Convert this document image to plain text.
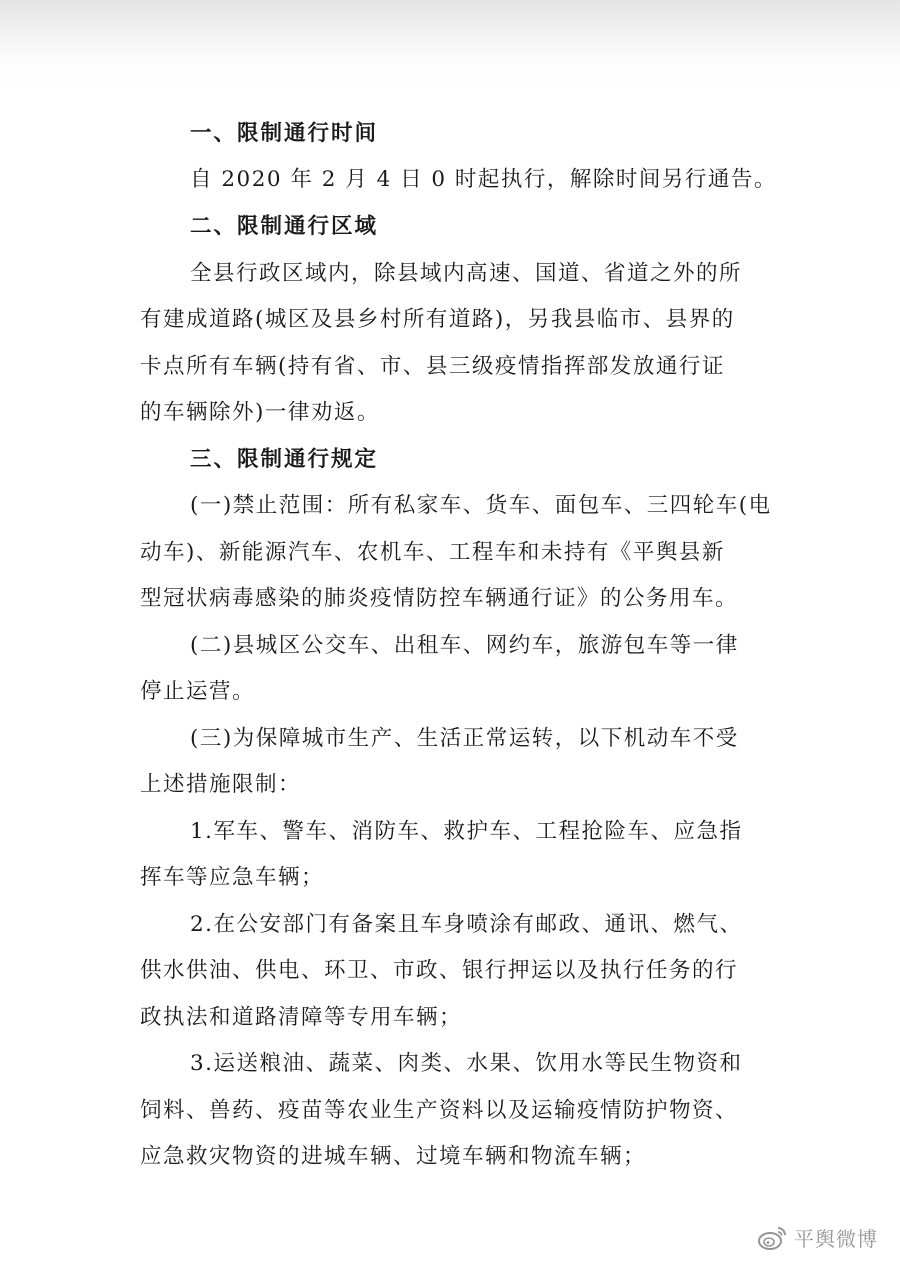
一、限制通行时间
自 2020 年 2 月 4 日 0 时起执行，解除时间另行通告。
二、限制通行区域
全县行政区域内，除县域内高速、国道、省道之外的所
有建成道路(城区及县乡村所有道路)，另我县临市、县界的
卡点所有车辆(持有省、市、县三级疫情指挥部发放通行证
的车辆除外)一律劝返。
三、限制通行规定
(一)禁止范围：所有私家车、货车、面包车、三四轮车(电
动车)、新能源汽车、农机车、工程车和未持有《平舆县新
型冠状病毒感染的肺炎疫情防控车辆通行证》的公务用车。
(二)县城区公交车、出租车、网约车，旅游包车等一律
停止运营。
(三)为保障城市生产、生活正常运转，以下机动车不受
上述措施限制：
1.军车、警车、消防车、救护车、工程抢险车、应急指
挥车等应急车辆；
2.在公安部门有备案且车身喷涂有邮政、通讯、燃气、
供水供油、供电、环卫、市政、银行押运以及执行任务的行
政执法和道路清障等专用车辆；
3.运送粮油、蔬菜、肉类、水果、饮用水等民生物资和
饲料、兽药、疫苗等农业生产资料以及运输疫情防护物资、
应急救灾物资的进城车辆、过境车辆和物流车辆；
平舆微博
